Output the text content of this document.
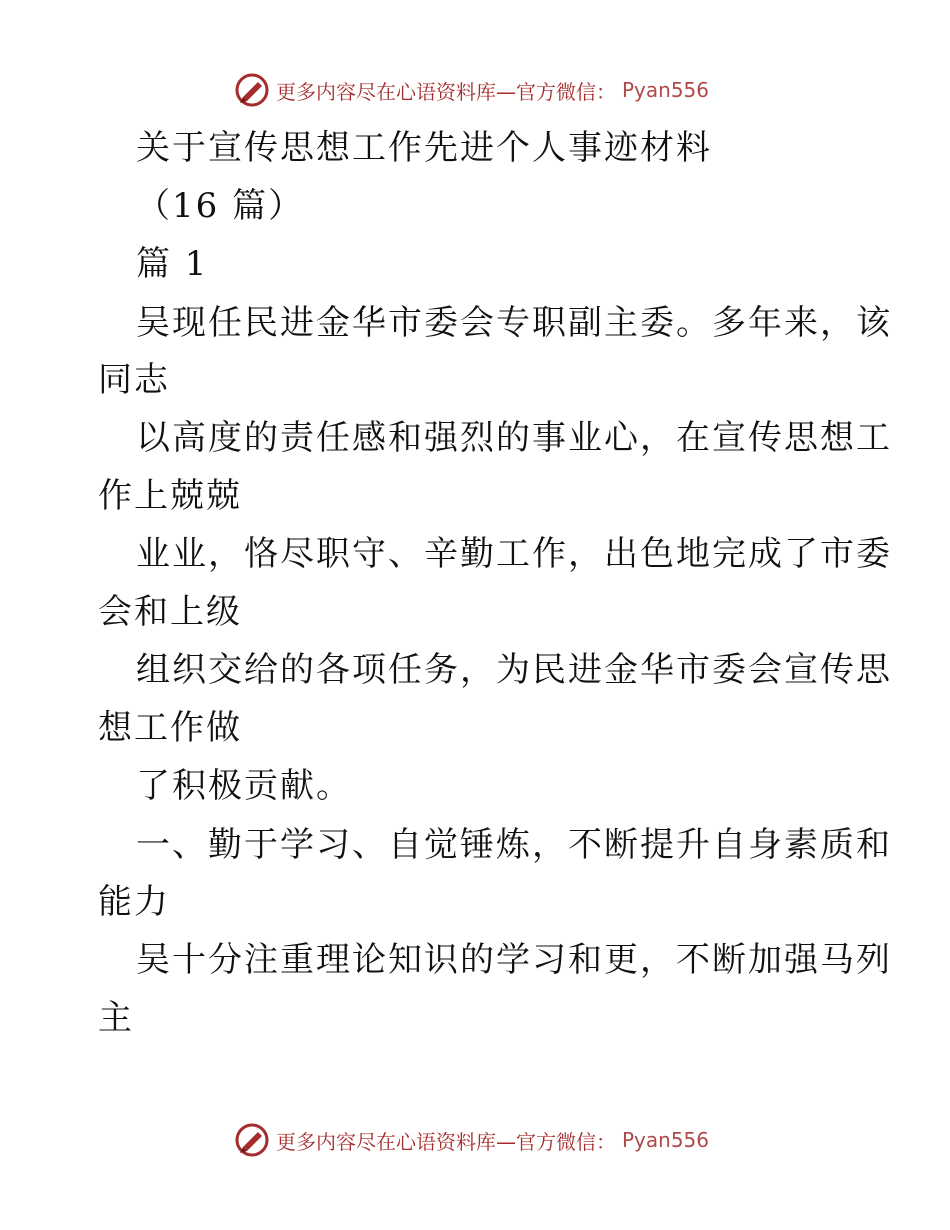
更多内容尽在心语资料库—官方微信： Pyan556
关于宣传思想工作先进个人事迹材料
（16 篇）
篇 1
吴现任民进金华市委会专职副主委。多年来，该
同志
以高度的责任感和强烈的事业心，在宣传思想工
作上兢兢
业业，恪尽职守、辛勤工作，出色地完成了市委
会和上级
组织交给的各项任务，为民进金华市委会宣传思
想工作做
了积极贡献。
一、勤于学习、自觉锤炼，不断提升自身素质和
能力
吴十分注重理论知识的学习和更，不断加强马列
主
更多内容尽在心语资料库—官方微信： Pyan556
